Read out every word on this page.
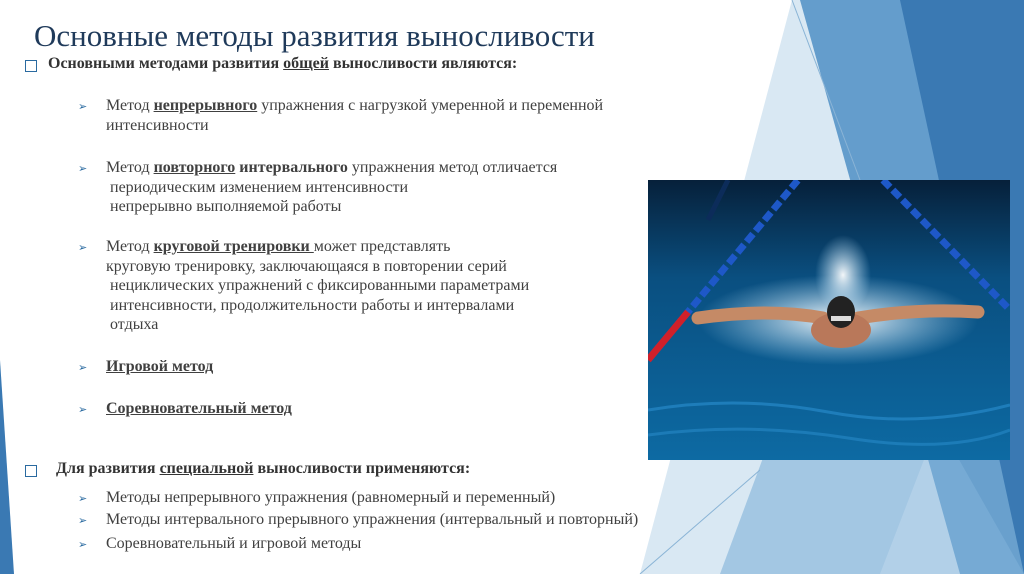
Основные методы развития выносливости
Основными методами развития общей выносливости являются:
➢ Метод непрерывного упражнения с нагрузкой умеренной и переменной
интенсивности
➢ Метод повторного интервального упражнения метод отличается
периодическим изменением интенсивности
непрерывно выполняемой работы
➢ Метод круговой тренировки может представлять
круговую тренировку, заключающаяся в повторении серий
нециклических упражнений с фиксированными параметрами
интенсивности, продолжительности работы и интервалами
отдыха
➢ Игровой метод
➢ Соревновательный метод
Для развития специальной выносливости применяются:
➢ Методы непрерывного упражнения (равномерный и переменный)
➢ Методы интервального прерывного упражнения (интервальный и повторный)
➢ Соревновательный и игровой методы
